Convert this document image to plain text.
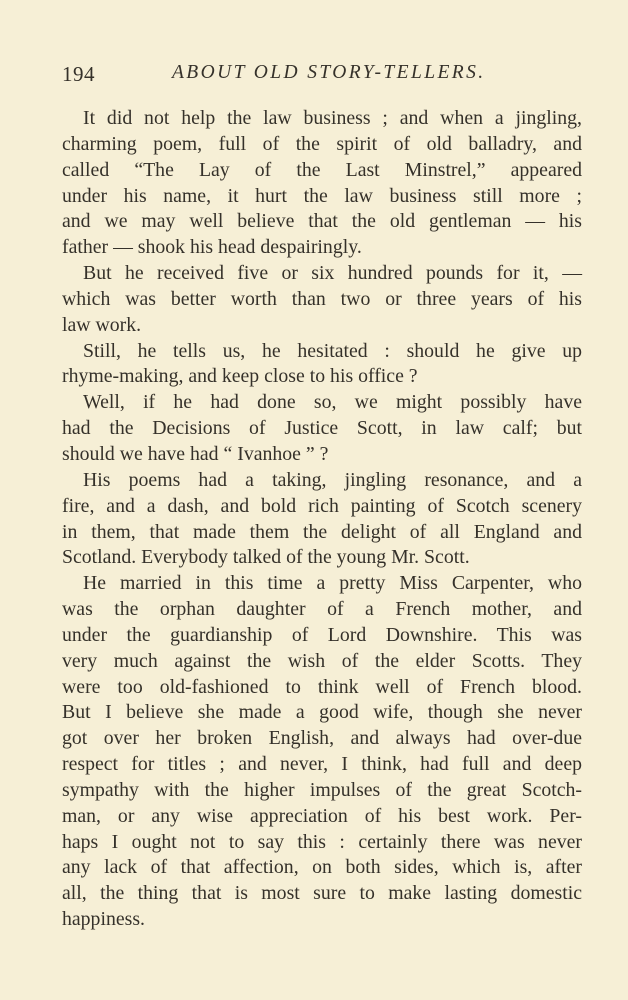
194	ABOUT OLD STORY-TELLERS.
It did not help the law business ; and when a jingling,
charming poem, full of the spirit of old balladry, and
called “The Lay of the Last Minstrel,” appeared
under his name, it hurt the law business still more ;
and we may well believe that the old gentleman — his
father — shook his head despairingly.
But he received five or six hundred pounds for it, —
which was better worth than two or three years of his
law work.
Still, he tells us, he hesitated : should he give up
rhyme-making, and keep close to his office ?
Well, if he had done so, we might possibly have
had the Decisions of Justice Scott, in law calf; but
should we have had “ Ivanhoe ” ?
His poems had a taking, jingling resonance, and a
fire, and a dash, and bold rich painting of Scotch scenery
in them, that made them the delight of all England and
Scotland. Everybody talked of the young Mr. Scott.
He married in this time a pretty Miss Carpenter, who
was the orphan daughter of a French mother, and
under the guardianship of Lord Downshire. This was
very much against the wish of the elder Scotts. They
were too old-fashioned to think well of French blood.
But I believe she made a good wife, though she never
got over her broken English, and always had over-due
respect for titles ; and never, I think, had full and deep
sympathy with the higher impulses of the great Scotch-
man, or any wise appreciation of his best work. Per-
haps I ought not to say this : certainly there was never
any lack of that affection, on both sides, which is, after
all, the thing that is most sure to make lasting domestic
happiness.
